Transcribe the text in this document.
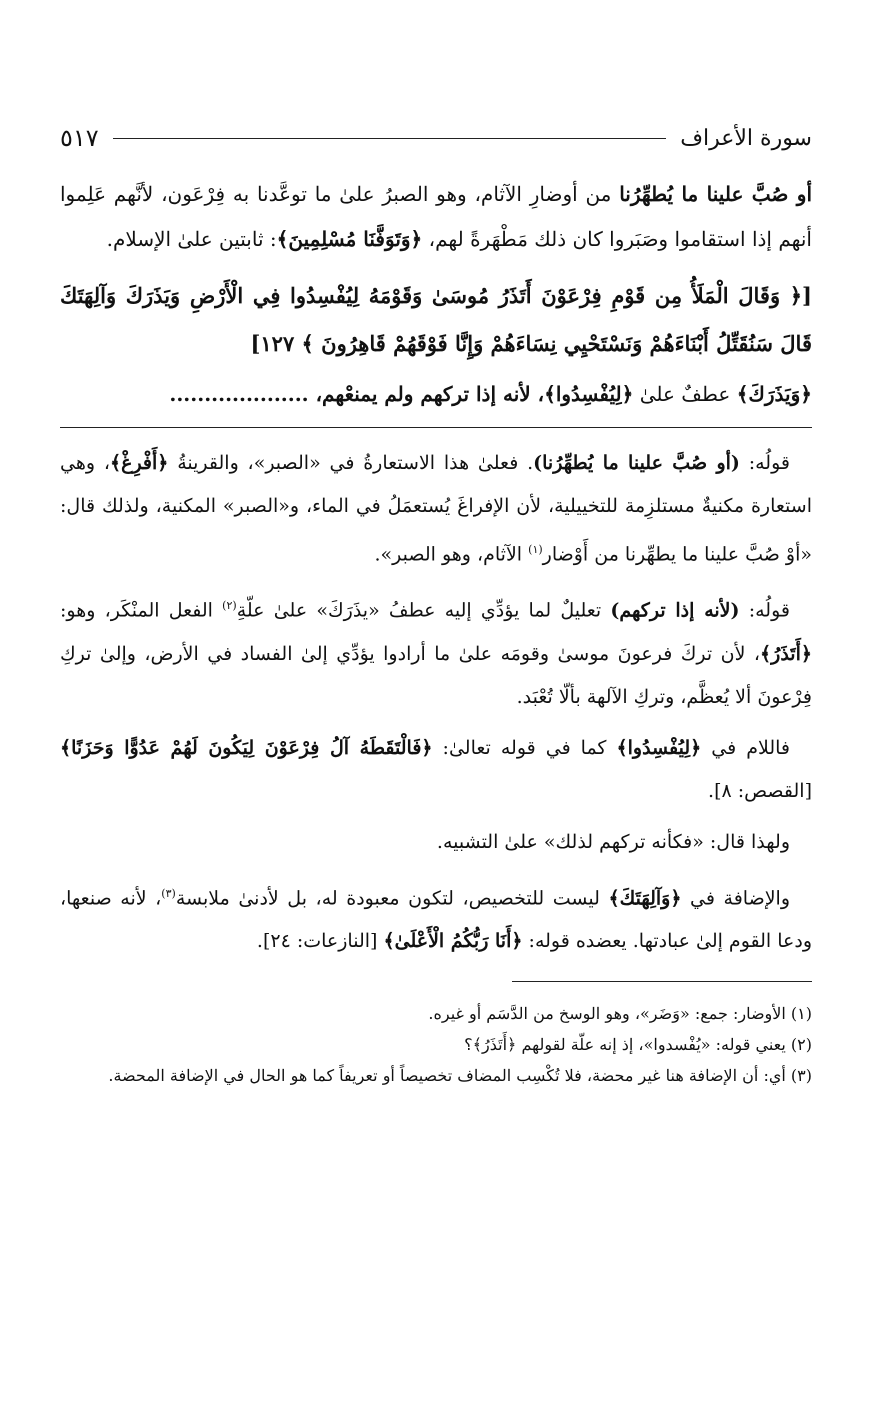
سورة الأعراف
٥١٧

أو صُبَّ علينا ما يُطهِّرُنا من أوضارِ الآثام، وهو الصبرُ علىٰ ما توعَّدنا به فِرْعَون، لأنَّهم عَلِموا أنهم إذا استقاموا وصَبَروا كان ذلك مَطْهَرةً لهم، ﴿وَتَوَفَّنَا مُسْلِمِينَ﴾: ثابتين علىٰ الإسلام.

[﴿ وَقَالَ الْمَلَأُ مِن قَوْمِ فِرْعَوْنَ أَتَذَرُ مُوسَىٰ وَقَوْمَهُ لِيُفْسِدُوا فِي الْأَرْضِ وَيَذَرَكَ وَآلِهَتَكَ قَالَ سَنُقَتِّلُ أَبْنَاءَهُمْ وَنَسْتَحْيِي نِسَاءَهُمْ وَإِنَّا فَوْقَهُمْ قَاهِرُونَ ﴾ ١٢٧]

﴿وَيَذَرَكَ﴾ عطفٌ علىٰ ﴿لِيُفْسِدُوا﴾، لأنه إذا تركهم ولم يمنعْهم، ....................

قولُه: (أو صُبَّ علينا ما يُطهِّرُنا). فعلىٰ هذا الاستعارةُ في «الصبر»، والقرينةُ ﴿أَفْرِغْ﴾، وهي استعارة مكنيةٌ مستلزِمة للتخييلية، لأن الإفراغَ يُستعمَلُ في الماء، و«الصبر» المكنية، ولذلك قال: «أوْ صُبَّ علينا ما يطهِّرنا من أَوْضار$^{(١)}$ الآثام، وهو الصبر».

قولُه: (لأنه إذا تركهم) تعليلٌ لما يؤدِّي إليه عطفُ «يذَرَكَ» علىٰ علّةِ$^{(٢)}$ الفعل المنْكَر، وهو: ﴿أَتَذَرُ﴾، لأن تركَ فرعونَ موسىٰ وقومَه علىٰ ما أرادوا يؤدِّي إلىٰ الفساد في الأرض، وإلىٰ تركِ فِرْعونَ ألا يُعظَّم، وتركِ الآلهة بألّا تُعْبَد.

فاللام في ﴿لِيُفْسِدُوا﴾ كما في قوله تعالىٰ: ﴿فَالْتَقَطَهُ آلُ فِرْعَوْنَ لِيَكُونَ لَهُمْ عَدُوًّا وَحَزَنًا﴾ [القصص: ٨].

ولهذا قال: «فكأنه تركهم لذلك» علىٰ التشبيه.

والإضافة في ﴿وَآلِهَتَكَ﴾ ليست للتخصيص، لتكون معبودة له، بل لأدنىٰ ملابسة$^{(٣)}$، لأنه صنعها، ودعا القوم إلىٰ عبادتها. يعضده قوله: ﴿أَنَا رَبُّكُمُ الْأَعْلَىٰ﴾ [النازعات: ٢٤].

(١) الأوضار: جمع: «وَضَر»، وهو الوسخ من الدَّسَم أو غيره.
(٢) يعني قوله: «يُفْسدوا»، إذ إنه علّة لقولهم ﴿أَتَذَرُ﴾؟
(٣) أي: أن الإضافة هنا غير محضة، فلا تُكْسِب المضاف تخصيصاً أو تعريفاً كما هو الحال في الإضافة المحضة.
